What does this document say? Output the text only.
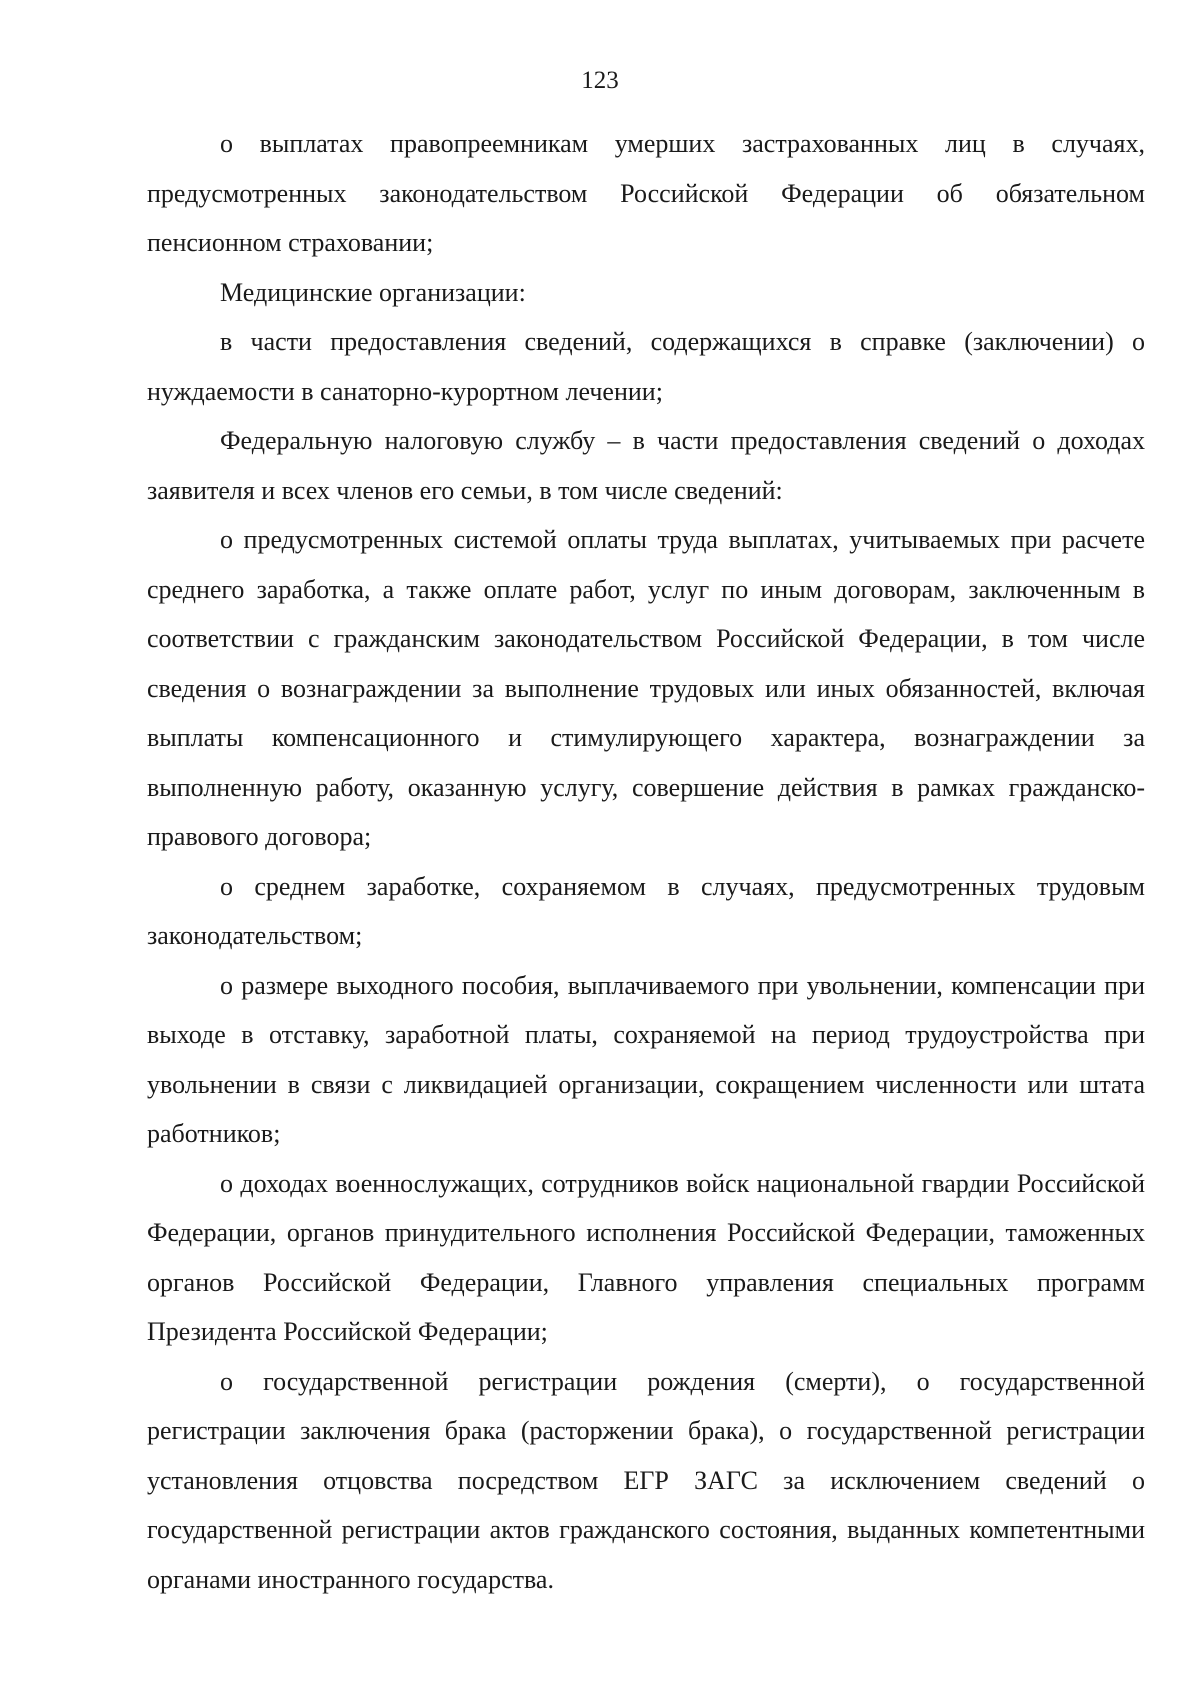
123

о выплатах правопреемникам умерших застрахованных лиц в случаях, предусмотренных законодательством Российской Федерации об обязательном пенсионном страховании;

Медицинские организации:

в части предоставления сведений, содержащихся в справке (заключении) о нуждаемости в санаторно-курортном лечении;

Федеральную налоговую службу – в части предоставления сведений о доходах заявителя и всех членов его семьи, в том числе сведений:

о предусмотренных системой оплаты труда выплатах, учитываемых при расчете среднего заработка, а также оплате работ, услуг по иным договорам, заключенным в соответствии с гражданским законодательством Российской Федерации, в том числе сведения о вознаграждении за выполнение трудовых или иных обязанностей, включая выплаты компенсационного и стимулирующего характера, вознаграждении за выполненную работу, оказанную услугу, совершение действия в рамках гражданско-правового договора;

о среднем заработке, сохраняемом в случаях, предусмотренных трудовым законодательством;

о размере выходного пособия, выплачиваемого при увольнении, компенсации при выходе в отставку, заработной платы, сохраняемой на период трудоустройства при увольнении в связи с ликвидацией организации, сокращением численности или штата работников;

о доходах военнослужащих, сотрудников войск национальной гвардии Российской Федерации, органов принудительного исполнения Российской Федерации, таможенных органов Российской Федерации, Главного управления специальных программ Президента Российской Федерации;

о государственной регистрации рождения (смерти), о государственной регистрации заключения брака (расторжении брака), о государственной регистрации установления отцовства посредством ЕГР ЗАГС за исключением сведений о государственной регистрации актов гражданского состояния, выданных компетентными органами иностранного государства.
